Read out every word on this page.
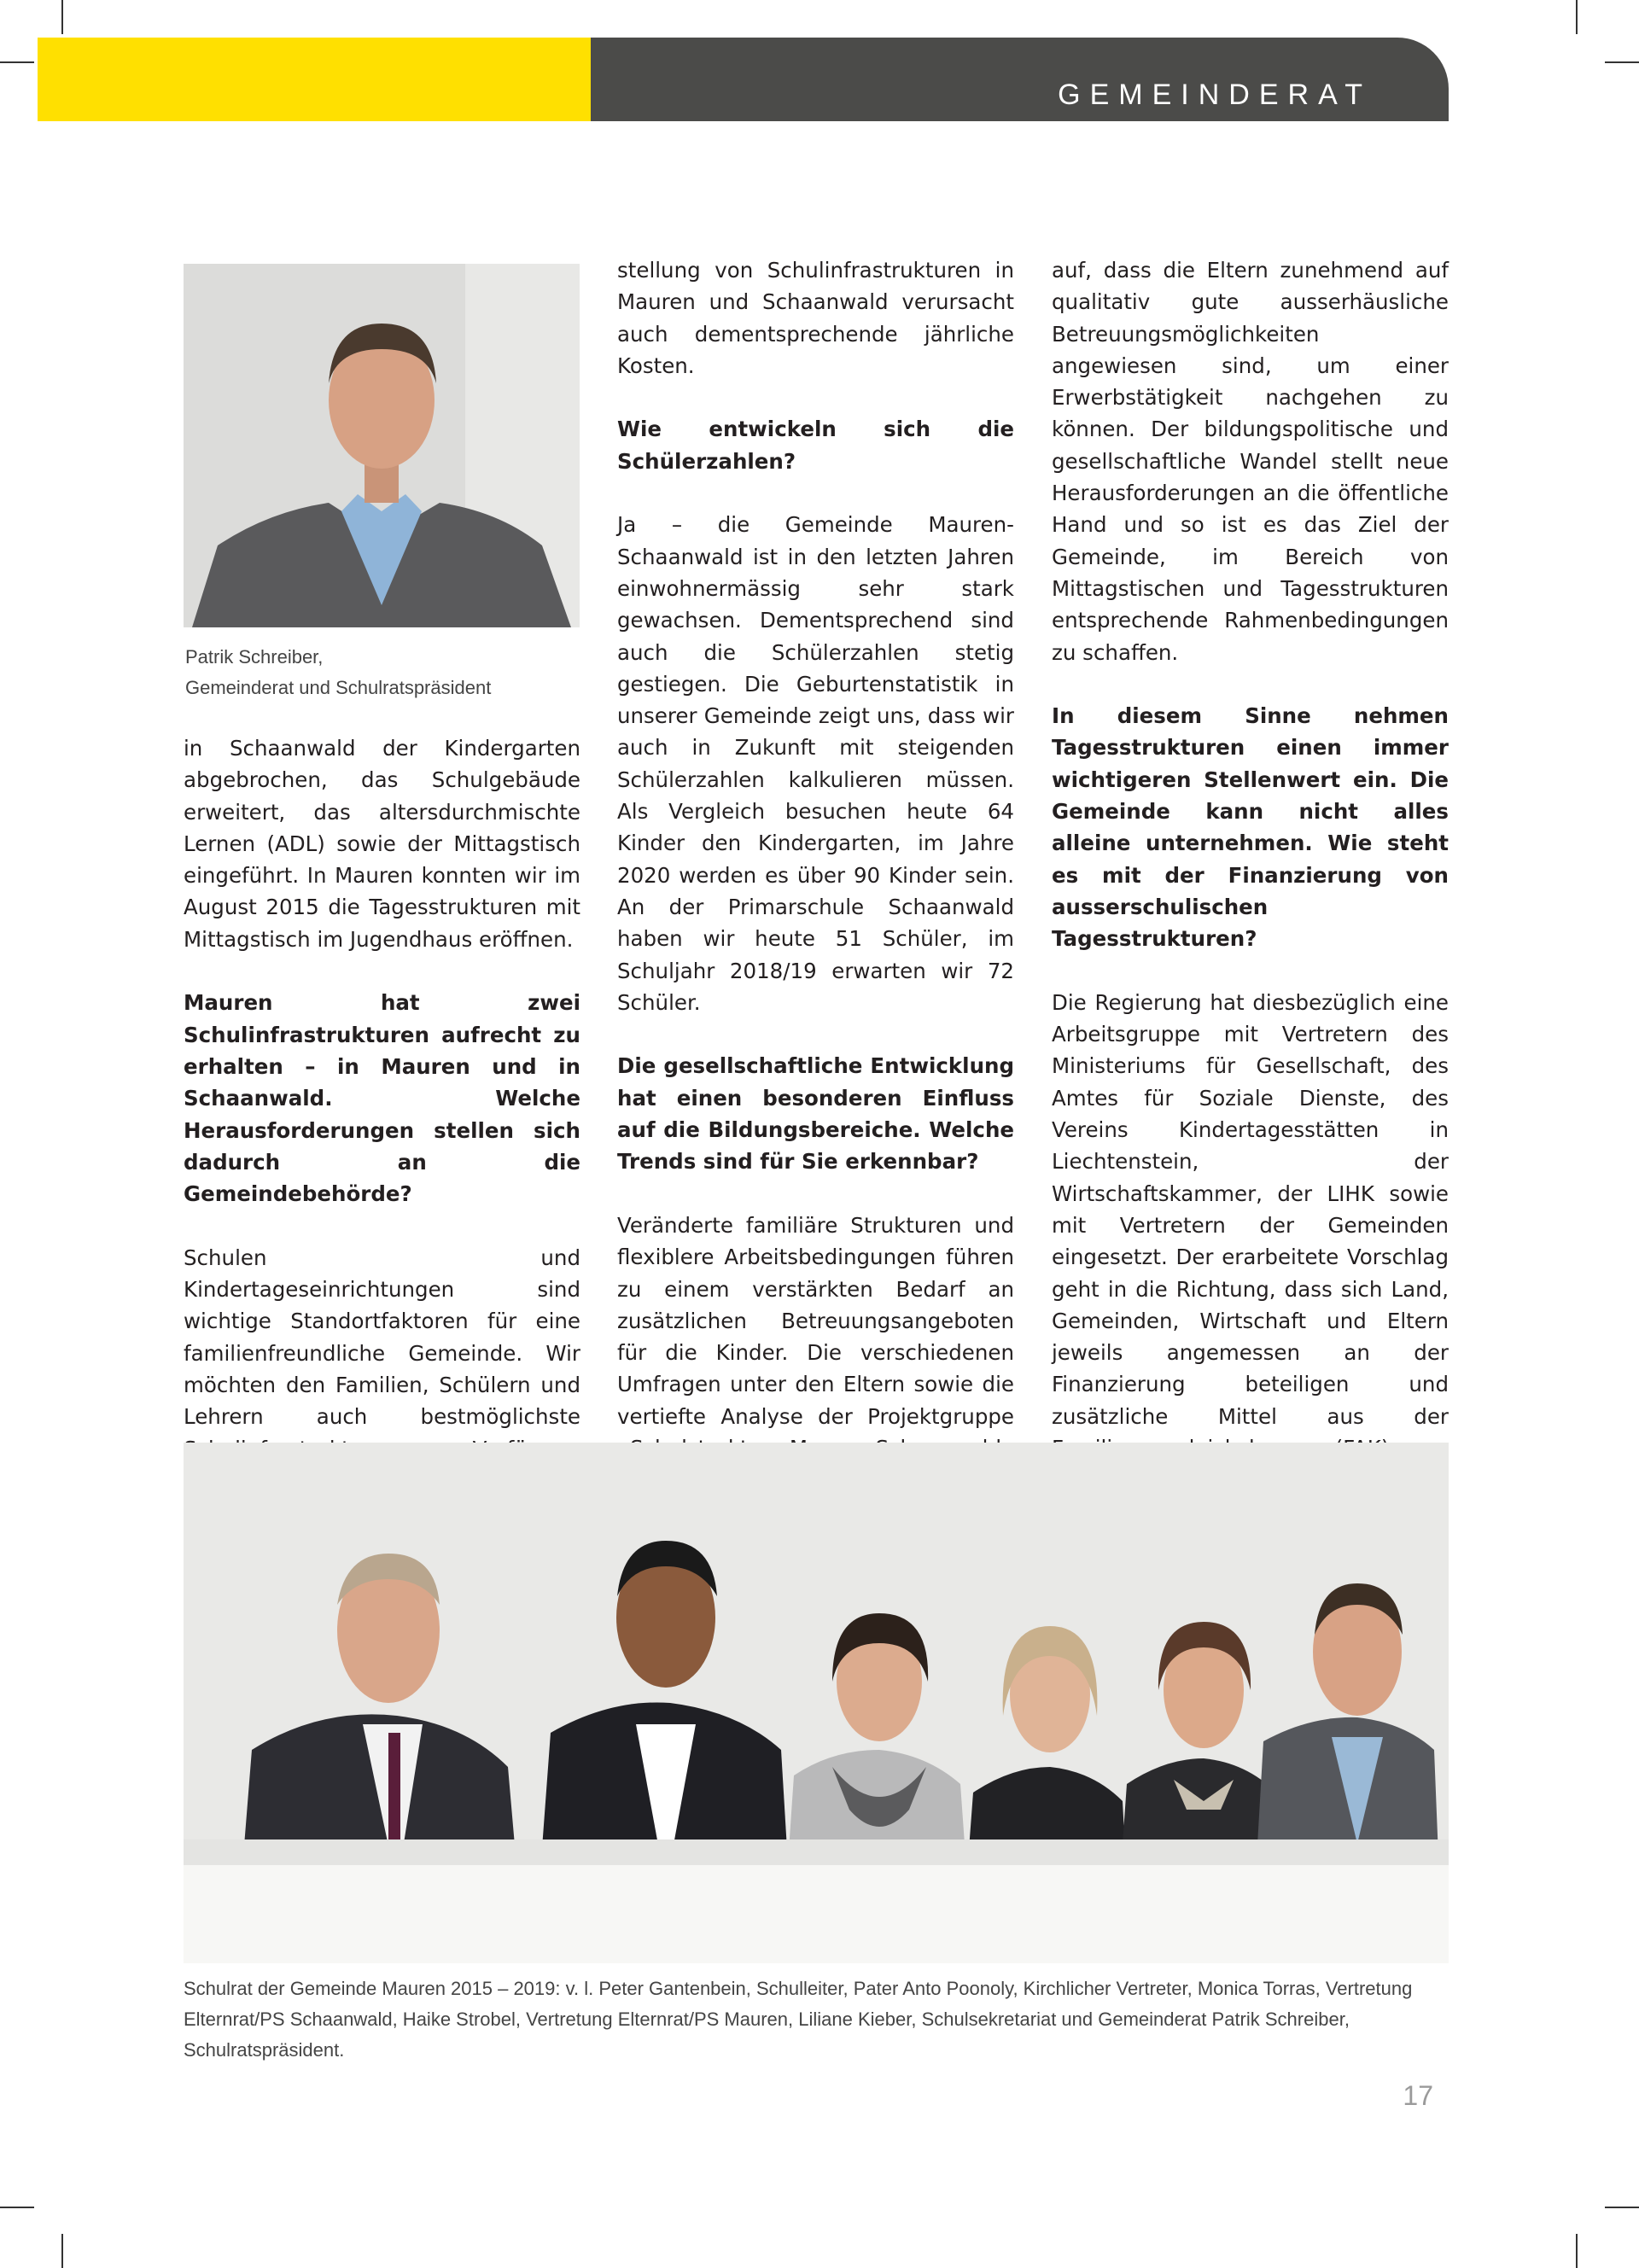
GEMEINDERAT
Patrik Schreiber,
Gemeinderat und Schulratspräsident

in Schaanwald der Kindergarten abgebrochen, das Schulgebäude erweitert, das altersdurchmischte Lernen (ADL) sowie der Mittagstisch eingeführt. In Mauren konnten wir im August 2015 die Tagesstrukturen mit Mittagstisch im Jugendhaus eröffnen.

Mauren hat zwei Schulinfrastrukturen aufrecht zu erhalten – in Mauren und in Schaanwald. Welche Herausforderungen stellen sich dadurch an die Gemeindebehörde?

Schulen und Kindertageseinrichtungen sind wichtige Standortfaktoren für eine familienfreundliche Gemeinde. Wir möchten den Familien, Schülern und Lehrern auch bestmöglichste

stellung von Schulinfrastrukturen in Mauren und Schaanwald verursacht auch dementsprechende jährliche Kosten.

Wie entwickeln sich die Schülerzahlen?

Ja – die Gemeinde Mauren-Schaanwald ist in den letzten Jahren einwohnermässig sehr stark gewachsen. Dementsprechend sind auch die Schülerzahlen stetig gestiegen. Die Geburtenstatistik in unserer Gemeinde zeigt uns, dass wir auch in Zukunft mit steigenden Schülerzahlen kalkulieren müssen. Als Vergleich besuchen heute 64 Kinder den Kindergarten, im Jahre 2020 werden es über 90 Kinder sein. An der Primarschule Schaanwald haben wir heute 51 Schüler, im Schuljahr 2018/19 erwarten wir 72 Schüler.

Die gesellschaftliche Entwicklung hat einen besonderen Einfluss auf die Bildungsbereiche. Welche Trends sind für Sie erkennbar?

Veränderte familiäre Strukturen und flexiblere Arbeitsbedingungen führen zu einem verstärkten Bedarf an zusätzlichen Betreuungsangeboten für die Kinder. Die verschiedenen Umfragen unter den Eltern sowie die vertiefte Analyse der Projektgruppe

auf, dass die Eltern zunehmend auf qualitativ gute ausserhäusliche Betreuungsmöglichkeiten angewiesen sind, um einer Erwerbstätigkeit nachgehen zu können. Der bildungspolitische und gesellschaftliche Wandel stellt neue Herausforderungen an die öffentliche Hand und so ist es das Ziel der Gemeinde, im Bereich von Mittagstischen und Tagesstrukturen entsprechende Rahmenbedingungen zu schaffen.

In diesem Sinne nehmen Tagesstrukturen einen immer wichtigeren Stellenwert ein. Die Gemeinde kann nicht alles alleine unternehmen. Wie steht es mit der Finanzierung von ausserschulischen Tagesstrukturen?

Die Regierung hat diesbezüglich eine Arbeitsgruppe mit Vertretern des Ministeriums für Gesellschaft, des Amtes für Soziale Dienste, des Vereins Kindertagesstätten in Liechtenstein, der Wirtschaftskammer, der LIHK sowie mit Vertretern der Gemeinden eingesetzt. Der erarbeitete Vorschlag geht in die Richtung, dass sich Land, Gemeinden, Wirtschaft und Eltern jeweils angemessen an der Finanzierung beteiligen und zusätzliche Mittel aus der

Schulrat der Gemeinde Mauren 2015 – 2019: v. l. Peter Gantenbein, Schulleiter, Pater Anto Poonoly, Kirchlicher Vertreter, Monica Torras, Vertretung Elternrat/PS Schaanwald, Haike Strobel, Vertretung Elternrat/PS Mauren, Liliane Kieber, Schulsekretariat und Gemeinderat Patrik Schreiber, Schulratspräsident.
17
